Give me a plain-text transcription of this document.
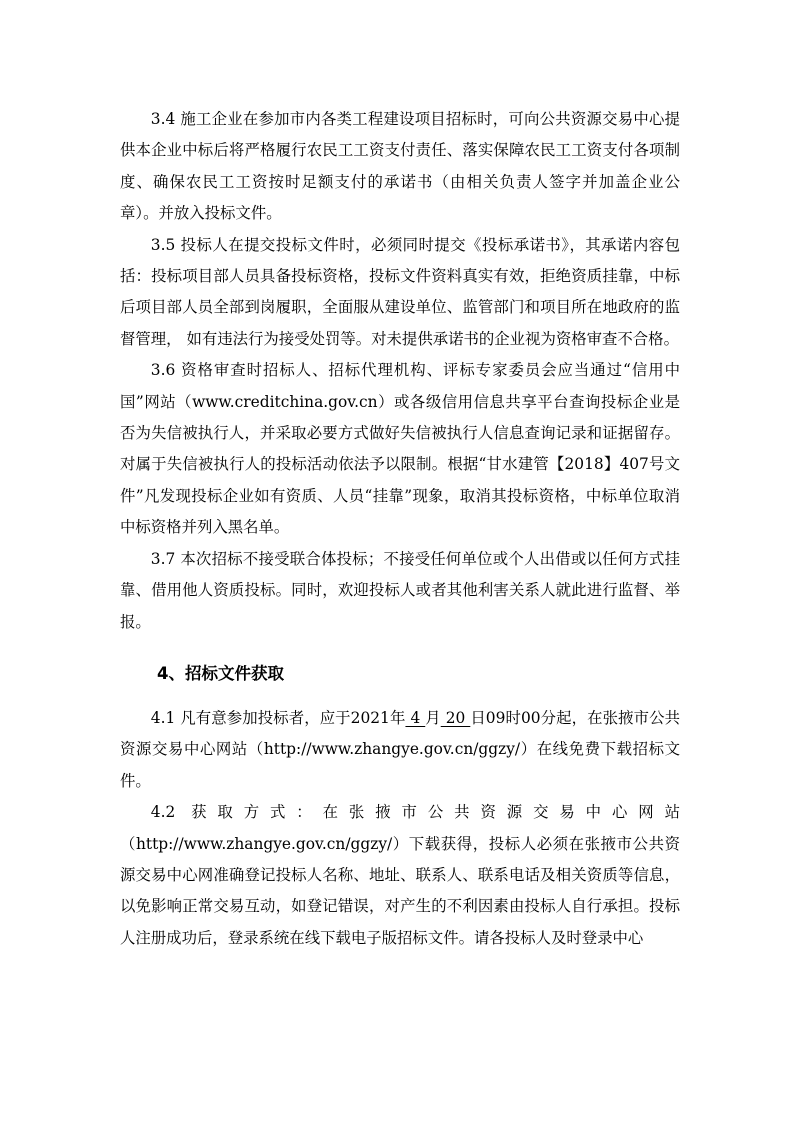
3.4 施工企业在参加市内各类工程建设项目招标时，可向公共资源交易中心提供本企业中标后将严格履行农民工工资支付责任、落实保障农民工工资支付各项制度、确保农民工工资按时足额支付的承诺书（由相关负责人签字并加盖企业公章）。并放入投标文件。

3.5 投标人在提交投标文件时，必须同时提交《投标承诺书》，其承诺内容包括：投标项目部人员具备投标资格，投标文件资料真实有效，拒绝资质挂靠，中标后项目部人员全部到岗履职，全面服从建设单位、监管部门和项目所在地政府的监督管理， 如有违法行为接受处罚等。对未提供承诺书的企业视为资格审查不合格。

3.6 资格审查时招标人、招标代理机构、评标专家委员会应当通过“信用中国”网站（www.creditchina.gov.cn）或各级信用信息共享平台查询投标企业是否为失信被执行人，并采取必要方式做好失信被执行人信息查询记录和证据留存。对属于失信被执行人的投标活动依法予以限制。根据“甘水建管【2018】407号文件”凡发现投标企业如有资质、人员“挂靠”现象，取消其投标资格，中标单位取消中标资格并列入黑名单。

3.7 本次招标不接受联合体投标；不接受任何单位或个人出借或以任何方式挂靠、借用他人资质投标。同时，欢迎投标人或者其他利害关系人就此进行监督、举报。

4、招标文件获取

4.1 凡有意参加投标者，应于2021年 4 月 20 日09时00分起，在张掖市公共资源交易中心网站（http://www.zhangye.gov.cn/ggzy/）在线免费下载招标文件。

4.2 获取方式：在张掖市公共资源交易中心网站

（http://www.zhangye.gov.cn/ggzy/）下载获得，投标人必须在张掖市公共资源交易中心网准确登记投标人名称、地址、联系人、联系电话及相关资质等信息，以免影响正常交易互动，如登记错误，对产生的不利因素由投标人自行承担。投标人注册成功后，登录系统在线下载电子版招标文件。请各投标人及时登录中心
